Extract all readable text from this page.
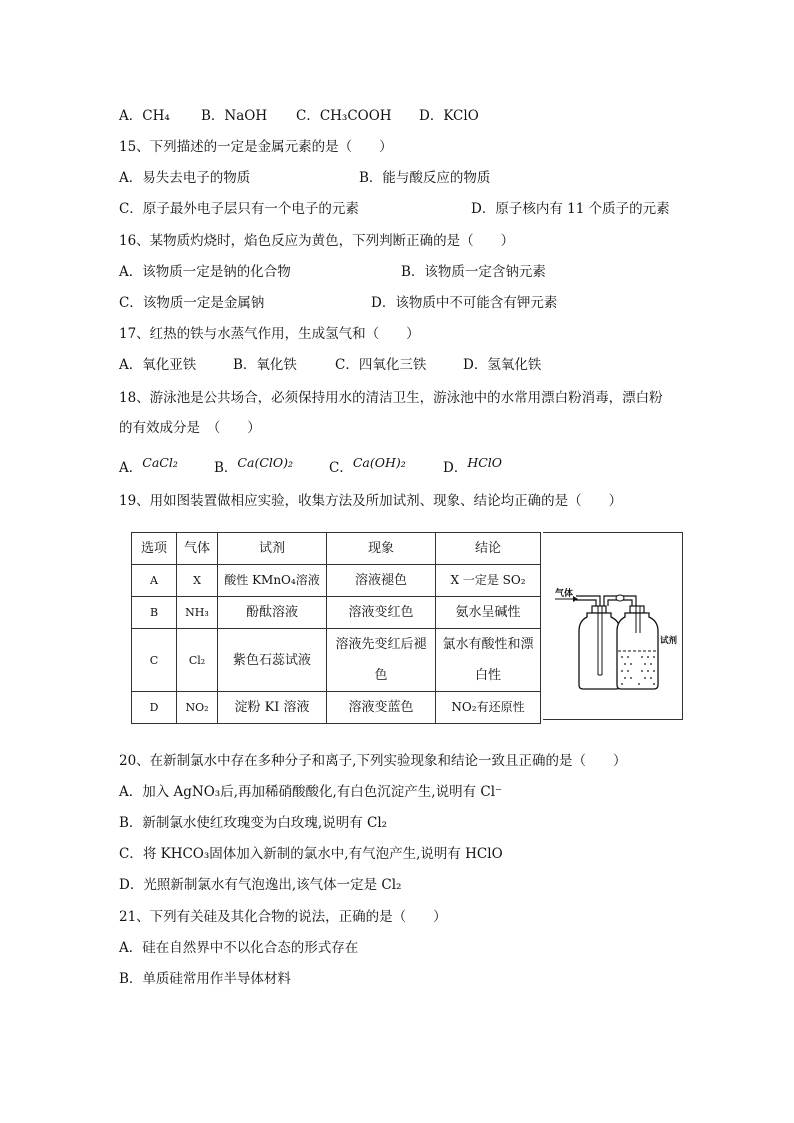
A．CH₄ B．NaOH C．CH₃COOH D．KClO
15、下列描述的一定是金属元素的是（　　）
A．易失去电子的物质	B．能与酸反应的物质
C．原子最外电子层只有一个电子的元素	D．原子核内有 11 个质子的元素
16、某物质灼烧时，焰色反应为黄色，下列判断正确的是（　　）
A．该物质一定是钠的化合物	B．该物质一定含钠元素
C．该物质一定是金属钠	D．该物质中不可能含有钾元素
17、红热的铁与水蒸气作用，生成氢气和（　　）
A．氧化亚铁	B．氧化铁	C．四氧化三铁	D．氢氧化铁
18、游泳池是公共场合，必须保持用水的清洁卫生，游泳池中的水常用漂白粉消毒，漂白粉
的有效成分是　（　　）
A．CaCl₂	B．Ca(ClO)₂	C．Ca(OH)₂	D．HClO
19、用如图装置做相应实验，收集方法及所加试剂、现象、结论均正确的是（　　）
选项	气体	试剂	现象	结论
A	X	酸性 KMnO₄溶液	溶液褪色	X 一定是 SO₂
B	NH₃	酚酞溶液	溶液变红色	氨水呈碱性
C	Cl₂	紫色石蕊试液	溶液先变红后褪色	氯水有酸性和漂白性
D	NO₂	淀粉 KI 溶液	溶液变蓝色	NO₂有还原性
气体
试剂
20、在新制氯水中存在多种分子和离子,下列实验现象和结论一致且正确的是（　　）
A．加入 AgNO₃后,再加稀硝酸酸化,有白色沉淀产生,说明有 Cl⁻
B．新制氯水使红玫瑰变为白玫瑰,说明有 Cl₂
C．将 KHCO₃固体加入新制的氯水中,有气泡产生,说明有 HClO
D．光照新制氯水有气泡逸出,该气体一定是 Cl₂
21、下列有关硅及其化合物的说法，正确的是（　　）
A．硅在自然界中不以化合态的形式存在
B．单质硅常用作半导体材料
